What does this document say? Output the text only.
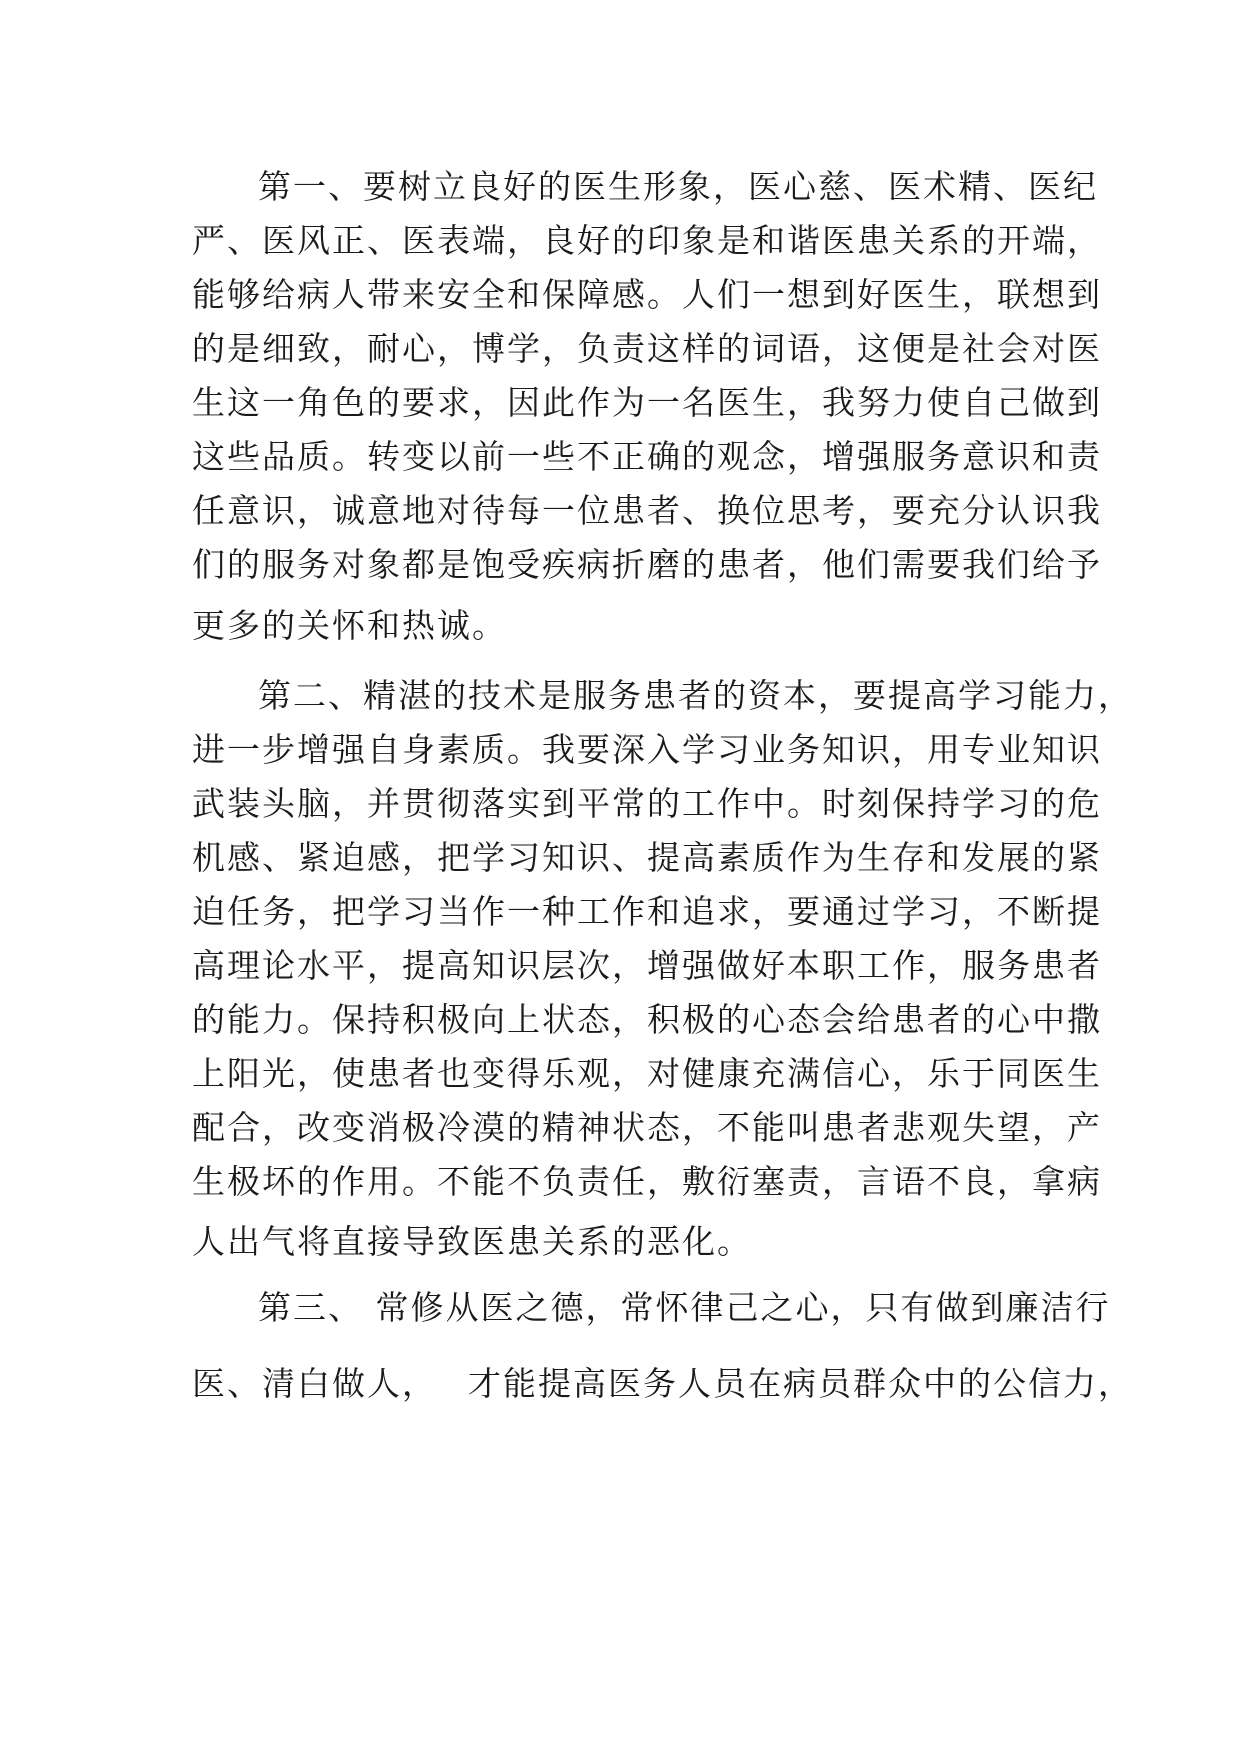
第一、要树立良好的医生形象，医心慈、医术精、医纪
严、医风正、医表端，良好的印象是和谐医患关系的开端，
能够给病人带来安全和保障感。人们一想到好医生，联想到
的是细致，耐心，博学，负责这样的词语，这便是社会对医
生这一角色的要求，因此作为一名医生，我努力使自己做到
这些品质。转变以前一些不正确的观念，增强服务意识和责
任意识，诚意地对待每一位患者、换位思考，要充分认识我
们的服务对象都是饱受疾病折磨的患者，他们需要我们给予
更多的关怀和热诚。
第二、精湛的技术是服务患者的资本，要提高学习能力，
进一步增强自身素质。我要深入学习业务知识，用专业知识
武装头脑，并贯彻落实到平常的工作中。时刻保持学习的危
机感、紧迫感，把学习知识、提高素质作为生存和发展的紧
迫任务，把学习当作一种工作和追求，要通过学习，不断提
高理论水平，提高知识层次，增强做好本职工作，服务患者
的能力。保持积极向上状态，积极的心态会给患者的心中撒
上阳光，使患者也变得乐观，对健康充满信心，乐于同医生
配合，改变消极冷漠的精神状态，不能叫患者悲观失望，产
生极坏的作用。不能不负责任，敷衍塞责，言语不良，拿病
人出气将直接导致医患关系的恶化。
第三、 常修从医之德，常怀律己之心，只有做到廉洁行
医、清白做人，　 才能提高医务人员在病员群众中的公信力，
